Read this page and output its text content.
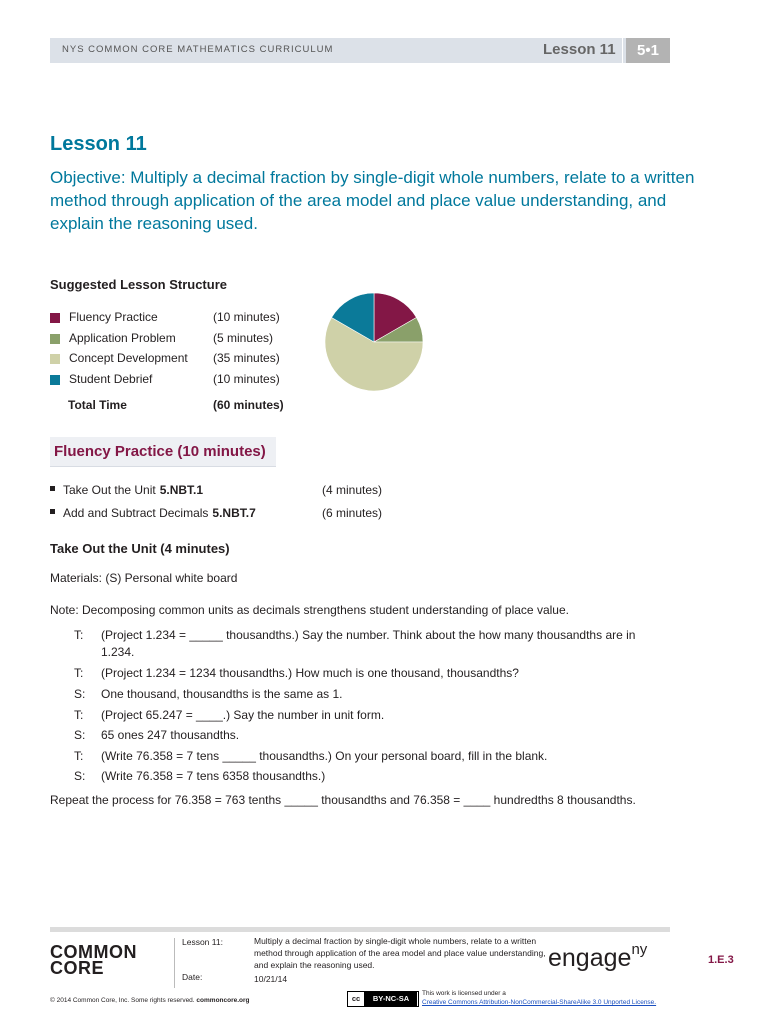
NYS COMMON CORE MATHEMATICS CURRICULUM	Lesson 11	5•1
Lesson 11
Objective: Multiply a decimal fraction by single-digit whole numbers, relate to a written method through application of the area model and place value understanding, and explain the reasoning used.
Suggested Lesson Structure
Fluency Practice	(10 minutes)
Application Problem	(5 minutes)
Concept Development (35 minutes)
Student Debrief	(10 minutes)
Total Time	(60 minutes)
Fluency Practice (10 minutes)
Take Out the Unit 5.NBT.1	(4 minutes)
Add and Subtract Decimals 5.NBT.7	(6 minutes)
Take Out the Unit (4 minutes)
Materials: (S) Personal white board
Note: Decomposing common units as decimals strengthens student understanding of place value.
T: (Project 1.234 = _____ thousandths.) Say the number. Think about the how many thousandths are in 1.234.
T: (Project 1.234 = 1234 thousandths.) How much is one thousand, thousandths?
S: One thousand, thousandths is the same as 1.
T: (Project 65.247 = ____.) Say the number in unit form.
S: 65 ones 247 thousandths.
T: (Write 76.358 = 7 tens _____ thousandths.) On your personal board, fill in the blank.
S: (Write 76.358 = 7 tens 6358 thousandths.)
Repeat the process for 76.358 = 763 tenths _____ thousandths and 76.358 = ____ hundredths 8 thousandths.
COMMON
CORE
Lesson 11:
Date:
Multiply a decimal fraction by single-digit whole numbers, relate to a written method through application of the area model and place value understanding, and explain the reasoning used.
10/21/14
engage$^{ny}$
1.E.3
© 2014 Common Core, Inc. Some rights reserved. commoncore.org	cc BY-NC-SA
This work is licensed under a
Creative Commons Attribution-NonCommercial-ShareAlike 3.0 Unported License.
